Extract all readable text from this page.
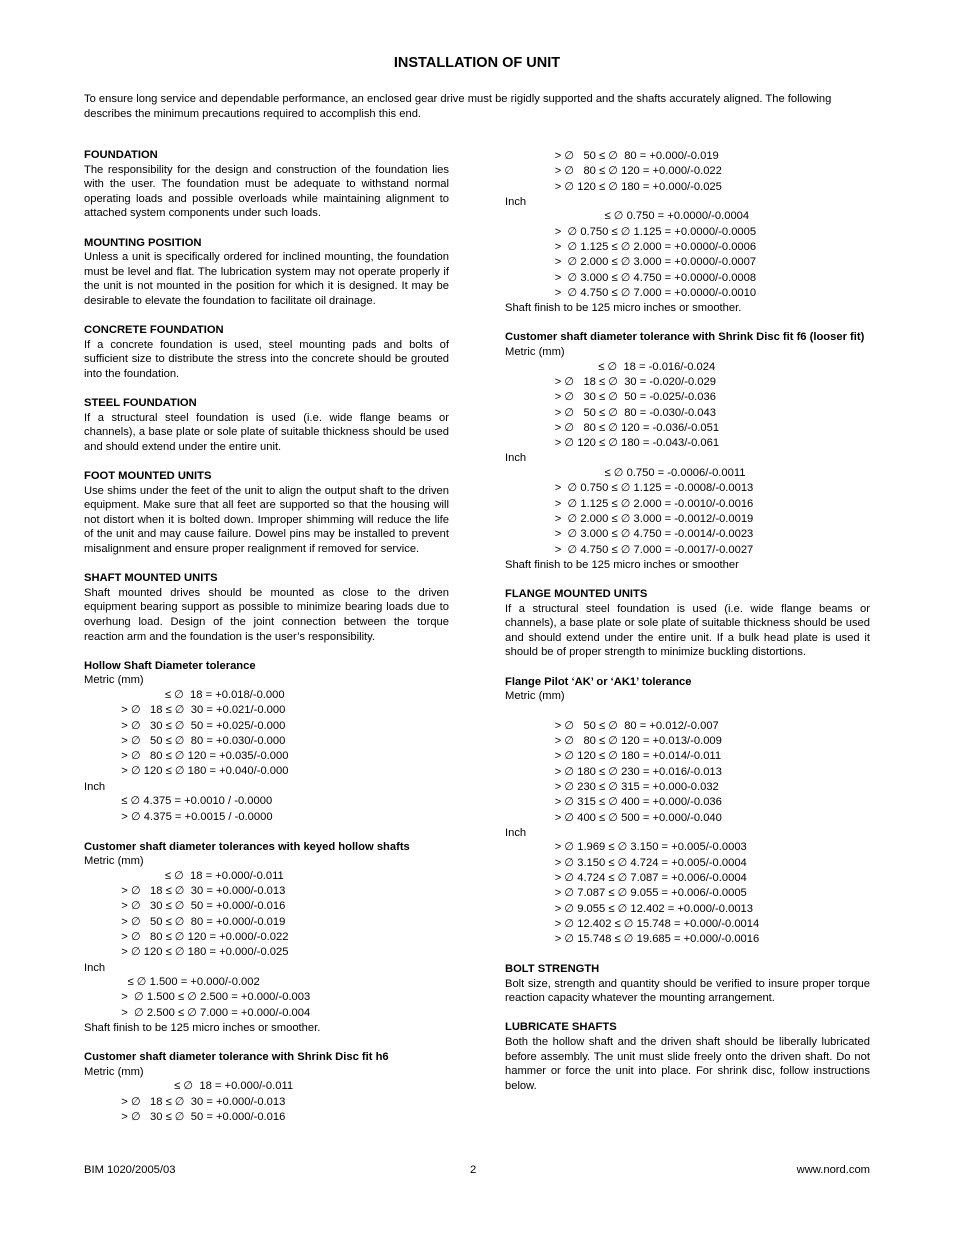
INSTALLATION OF UNIT

To ensure long service and dependable performance, an enclosed gear drive must be rigidly supported and the shafts accurately aligned. The following describes the minimum precautions required to accomplish this end.

FOUNDATION

The responsibility for the design and construction of the foundation lies with the user. The foundation must be adequate to withstand normal operating loads and possible overloads while maintaining alignment to attached system components under such loads.

MOUNTING POSITION

Unless a unit is specifically ordered for inclined mounting, the foundation must be level and flat. The lubrication system may not operate properly if the unit is not mounted in the position for which it is designed. It may be desirable to elevate the foundation to facilitate oil drainage.

CONCRETE FOUNDATION

If a concrete foundation is used, steel mounting pads and bolts of sufficient size to distribute the stress into the concrete should be grouted into the foundation.

STEEL FOUNDATION

If a structural steel foundation is used (i.e. wide flange beams or channels), a base plate or sole plate of suitable thickness should be used and should extend under the entire unit.

FOOT MOUNTED UNITS

Use shims under the feet of the unit to align the output shaft to the driven equipment. Make sure that all feet are supported so that the housing will not distort when it is bolted down. Improper shimming will reduce the life of the unit and may cause failure. Dowel pins may be installed to prevent misalignment and ensure proper realignment if removed for service.

SHAFT MOUNTED UNITS

Shaft mounted drives should be mounted as close to the driven equipment bearing support as possible to minimize bearing loads due to overhung load. Design of the joint connection between the torque reaction arm and the foundation is the user’s responsibility.

Hollow Shaft Diameter tolerance
Metric (mm)
≤ ∅  18 = +0.018/-0.000
> ∅   18 ≤ ∅  30 = +0.021/-0.000
> ∅   30 ≤ ∅  50 = +0.025/-0.000
> ∅   50 ≤ ∅  80 = +0.030/-0.000
> ∅   80 ≤ ∅ 120 = +0.035/-0.000
> ∅ 120 ≤ ∅ 180 = +0.040/-0.000
Inch
≤ ∅ 4.375 = +0.0010 / -0.0000
> ∅ 4.375 = +0.0015 / -0.0000
Customer shaft diameter tolerances with keyed hollow shafts
Metric (mm)
≤ ∅  18 = +0.000/-0.011
> ∅   18 ≤ ∅  30 = +0.000/-0.013
> ∅   30 ≤ ∅  50 = +0.000/-0.016
> ∅   50 ≤ ∅  80 = +0.000/-0.019
> ∅   80 ≤ ∅ 120 = +0.000/-0.022
> ∅ 120 ≤ ∅ 180 = +0.000/-0.025
Inch
≤ ∅ 1.500 = +0.000/-0.002
>  ∅ 1.500 ≤ ∅ 2.500 = +0.000/-0.003
>  ∅ 2.500 ≤ ∅ 7.000 = +0.000/-0.004
Shaft finish to be 125 micro inches or smoother.
Customer shaft diameter tolerance with Shrink Disc fit h6
Metric (mm)
≤ ∅  18 = +0.000/-0.011
> ∅   18 ≤ ∅  30 = +0.000/-0.013
> ∅   30 ≤ ∅  50 = +0.000/-0.016
> ∅   50 ≤ ∅  80 = +0.000/-0.019
> ∅   80 ≤ ∅ 120 = +0.000/-0.022
> ∅ 120 ≤ ∅ 180 = +0.000/-0.025
Inch
≤ ∅ 0.750 = +0.0000/-0.0004
>  ∅ 0.750 ≤ ∅ 1.125 = +0.0000/-0.0005
>  ∅ 1.125 ≤ ∅ 2.000 = +0.0000/-0.0006
>  ∅ 2.000 ≤ ∅ 3.000 = +0.0000/-0.0007
>  ∅ 3.000 ≤ ∅ 4.750 = +0.0000/-0.0008
>  ∅ 4.750 ≤ ∅ 7.000 = +0.0000/-0.0010
Shaft finish to be 125 micro inches or smoother.
Customer shaft diameter tolerance with Shrink Disc fit f6 (looser fit)
Metric (mm)
≤ ∅  18 = -0.016/-0.024
> ∅   18 ≤ ∅  30 = -0.020/-0.029
> ∅   30 ≤ ∅  50 = -0.025/-0.036
> ∅   50 ≤ ∅  80 = -0.030/-0.043
> ∅   80 ≤ ∅ 120 = -0.036/-0.051
> ∅ 120 ≤ ∅ 180 = -0.043/-0.061
Inch
≤ ∅ 0.750 = -0.0006/-0.0011
>  ∅ 0.750 ≤ ∅ 1.125 = -0.0008/-0.0013
>  ∅ 1.125 ≤ ∅ 2.000 = -0.0010/-0.0016
>  ∅ 2.000 ≤ ∅ 3.000 = -0.0012/-0.0019
>  ∅ 3.000 ≤ ∅ 4.750 = -0.0014/-0.0023
>  ∅ 4.750 ≤ ∅ 7.000 = -0.0017/-0.0027
Shaft finish to be 125 micro inches or smoother
FLANGE MOUNTED UNITS

If a structural steel foundation is used (i.e. wide flange beams or channels), a base plate or sole plate of suitable thickness should be used and should extend under the entire unit. If a bulk head plate is used it should be of proper strength to minimize buckling distortions.

Flange Pilot ‘AK’ or ‘AK1’ tolerance
Metric (mm)
> ∅   50 ≤ ∅  80 = +0.012/-0.007
> ∅   80 ≤ ∅ 120 = +0.013/-0.009
> ∅ 120 ≤ ∅ 180 = +0.014/-0.011
> ∅ 180 ≤ ∅ 230 = +0.016/-0.013
> ∅ 230 ≤ ∅ 315 = +0.000-0.032
> ∅ 315 ≤ ∅ 400 = +0.000/-0.036
> ∅ 400 ≤ ∅ 500 = +0.000/-0.040
Inch
> ∅ 1.969 ≤ ∅ 3.150 = +0.005/-0.0003
> ∅ 3.150 ≤ ∅ 4.724 = +0.005/-0.0004
> ∅ 4.724 ≤ ∅ 7.087 = +0.006/-0.0004
> ∅ 7.087 ≤ ∅ 9.055 = +0.006/-0.0005
> ∅ 9.055 ≤ ∅ 12.402 = +0.000/-0.0013
> ∅ 12.402 ≤ ∅ 15.748 = +0.000/-0.0014
> ∅ 15.748 ≤ ∅ 19.685 = +0.000/-0.0016
BOLT STRENGTH

Bolt size, strength and quantity should be verified to insure proper torque reaction capacity whatever the mounting arrangement.

LUBRICATE SHAFTS

Both the hollow shaft and the driven shaft should be liberally lubricated before assembly. The unit must slide freely onto the driven shaft. Do not hammer or force the unit into place. For shrink disc, follow instructions below.

BIM 1020/2005/03	2	www.nord.com
